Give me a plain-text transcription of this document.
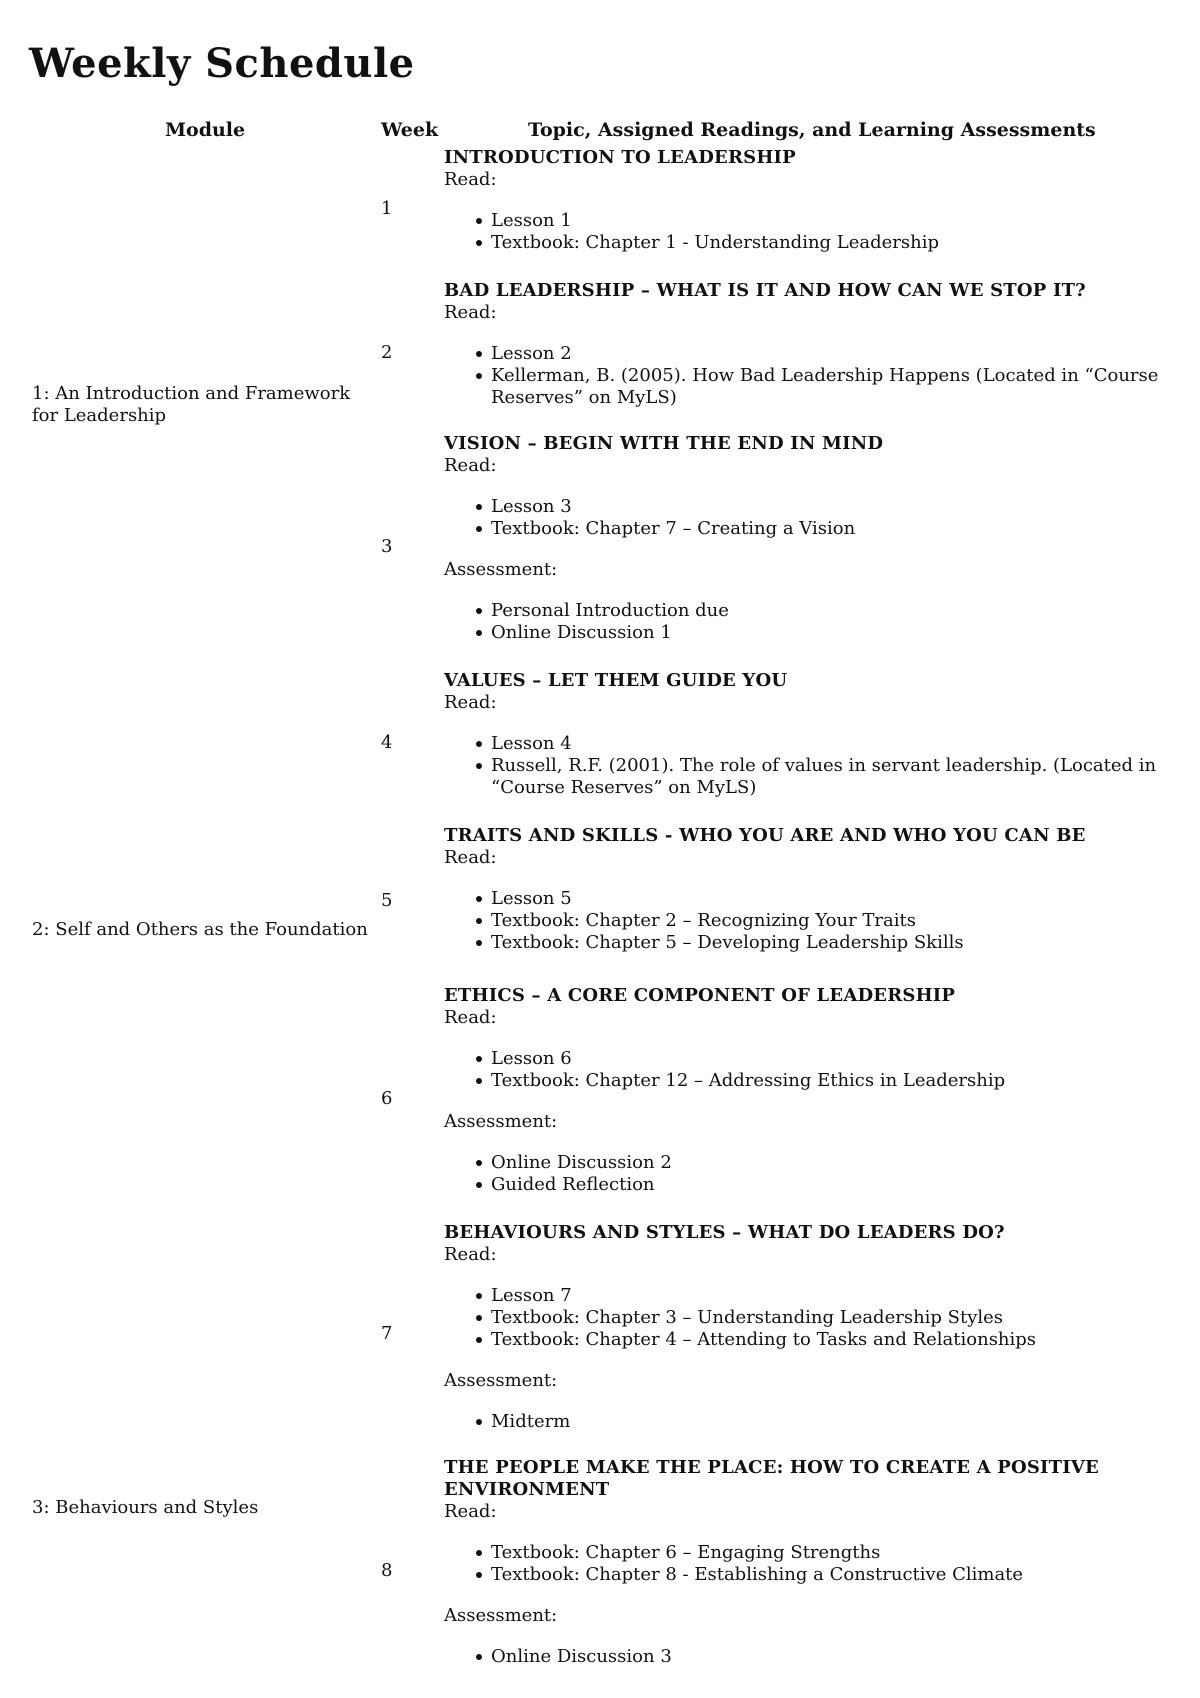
Weekly Schedule
Module	Week	Topic, Assigned Readings, and Learning Assessments
1: An Introduction and Framework for Leadership
2: Self and Others as the Foundation
3: Behaviours and Styles
1
2
3
4
5
6
7
8
INTRODUCTION TO LEADERSHIP
Read:
Lesson 1
Textbook: Chapter 1 - Understanding Leadership
BAD LEADERSHIP – WHAT IS IT AND HOW CAN WE STOP IT?
Read:
Lesson 2
Kellerman, B. (2005). How Bad Leadership Happens (Located in “Course Reserves” on MyLS)
VISION – BEGIN WITH THE END IN MIND
Read:
Lesson 3
Textbook: Chapter 7 – Creating a Vision
Assessment:
Personal Introduction due
Online Discussion 1
VALUES – LET THEM GUIDE YOU
Read:
Lesson 4
Russell, R.F. (2001). The role of values in servant leadership. (Located in “Course Reserves” on MyLS)
TRAITS AND SKILLS - WHO YOU ARE AND WHO YOU CAN BE
Read:
Lesson 5
Textbook: Chapter 2 – Recognizing Your Traits
Textbook: Chapter 5 – Developing Leadership Skills
ETHICS – A CORE COMPONENT OF LEADERSHIP
Read:
Lesson 6
Textbook: Chapter 12 – Addressing Ethics in Leadership
Assessment:
Online Discussion 2
Guided Reflection
BEHAVIOURS AND STYLES – WHAT DO LEADERS DO?
Read:
Lesson 7
Textbook: Chapter 3 – Understanding Leadership Styles
Textbook: Chapter 4 – Attending to Tasks and Relationships
Assessment:
Midterm
THE PEOPLE MAKE THE PLACE: HOW TO CREATE A POSITIVE ENVIRONMENT
Read:
Textbook: Chapter 6 – Engaging Strengths
Textbook: Chapter 8 - Establishing a Constructive Climate
Assessment:
Online Discussion 3
